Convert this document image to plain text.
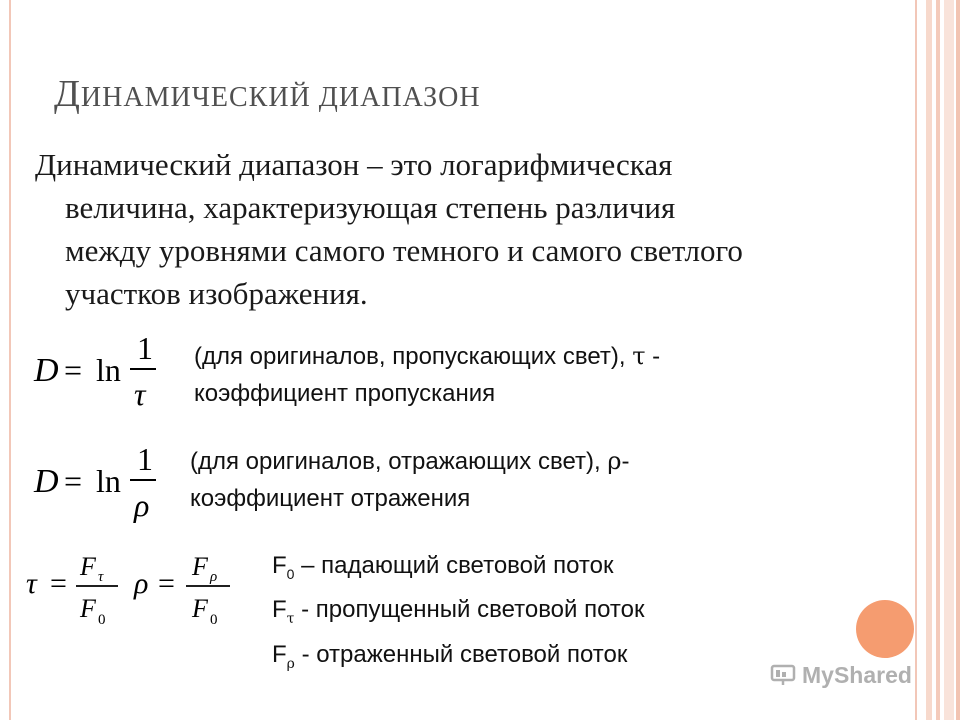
ДИНАМИЧЕСКИЙ ДИАПАЗОН
Динамический диапазон – это логарифмическая
величина, характеризующая степень различия
между уровнями самого темного и самого светлого
участков изображения.
D = ln
1
τ
(для оригиналов, пропускающих свет), τ -
коэффициент пропускания
D = ln
1
ρ
(для оригиналов, отражающих свет), ρ-
коэффициент отражения
τ =
F τ
F 0
ρ =
F ρ
F 0
$F_0$ – падающий световой поток
$F_\tau$ - пропущенный световой поток
$F_\rho$ - отраженный световой поток
MyShared
